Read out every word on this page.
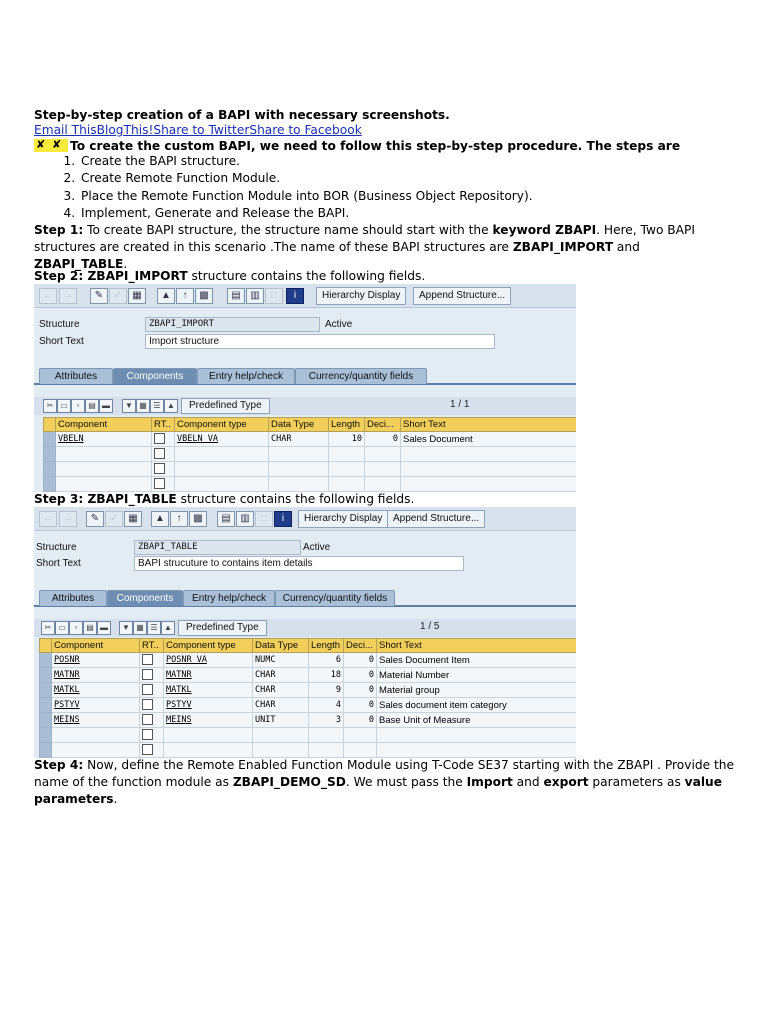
Step-by-step creation of a BAPI with necessary screenshots.
Email ThisBlogThis!Share to TwitterShare to Facebook
✘ ✘ To create the custom BAPI, we need to follow this step-by-step procedure. The steps are
1. Create the BAPI structure.
2. Create Remote Function Module.
3. Place the Remote Function Module into BOR (Business Object Repository).
4. Implement, Generate and Release the BAPI.
Step 1: To create BAPI structure, the structure name should start with the keyword ZBAPI. Here, Two BAPI structures are created in this scenario .The name of these BAPI structures are ZBAPI_IMPORT and ZBAPI_TABLE.
Step 2: ZBAPI_IMPORT structure contains the following fields.
←	→	✎	✓	▦	▲	↑	▩	▤ ▥	□	i	Hierarchy Display	Append Structure...
Structure	ZBAPI_IMPORT	Active
Short Text	Import structure
Attributes	Components	Entry help/check	Currency/quantity fields
✂ ▭	▫	▤ ▬	▼ ▦ ☰ ▲	Predefined Type	1 / 1
	Component	RT..	Component type	Data Type	Length	Deci...	Short Text
	VBELN		VBELN_VA	CHAR	10	0	Sales Document

Step 3: ZBAPI_TABLE structure contains the following fields.
←	→	✎	✓	▦	▲	↑	▩	▤ ▥	□	i	Hierarchy Display	Append Structure...
Structure	ZBAPI_TABLE	Active
Short Text	BAPI strucuture to contains item details
Attributes	Components	Entry help/check	Currency/quantity fields
✂ ▭	▫	▤ ▬	▼ ▦ ☰ ▲	Predefined Type	1 / 5
	Component	RT..	Component type	Data Type	Length	Deci...	Short Text
	POSNR		POSNR_VA	NUMC	6	0	Sales Document Item
	MATNR		MATNR	CHAR	18	0	Material Number
	MATKL		MATKL	CHAR	9	0	Material group
	PSTYV		PSTYV	CHAR	4	0	Sales document item category
	MEINS		MEINS	UNIT	3	0	Base Unit of Measure

Step 4: Now, define the Remote Enabled Function Module using T-Code SE37 starting with the ZBAPI . Provide the name of the function module as ZBAPI_DEMO_SD. We must pass the Import and export parameters as value parameters.
